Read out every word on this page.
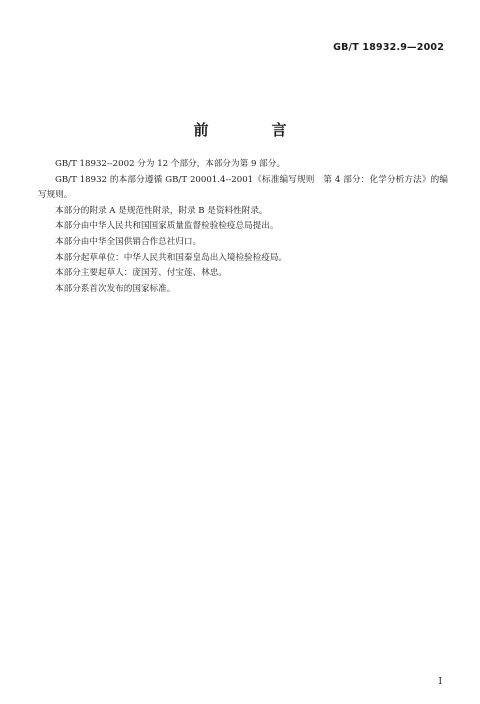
GB/T 18932.9—2002
前　言

GB/T 18932--2002 分为 12 个部分，本部分为第 9 部分。

GB/T 18932 的本部分遵循 GB/T 20001.4--2001《标准编写规则　第 4 部分：化学分析方法》的编写规则。

本部分的附录 A 是规范性附录，附录 B 是资料性附录。

本部分由中华人民共和国国家质量监督检验检疫总局提出。

本部分由中华全国供销合作总社归口。

本部分起草单位：中华人民共和国秦皇岛出入境检验检疫局。

本部分主要起草人：庞国芳、付宝莲、林忠。

本部分系首次发布的国家标准。

I
